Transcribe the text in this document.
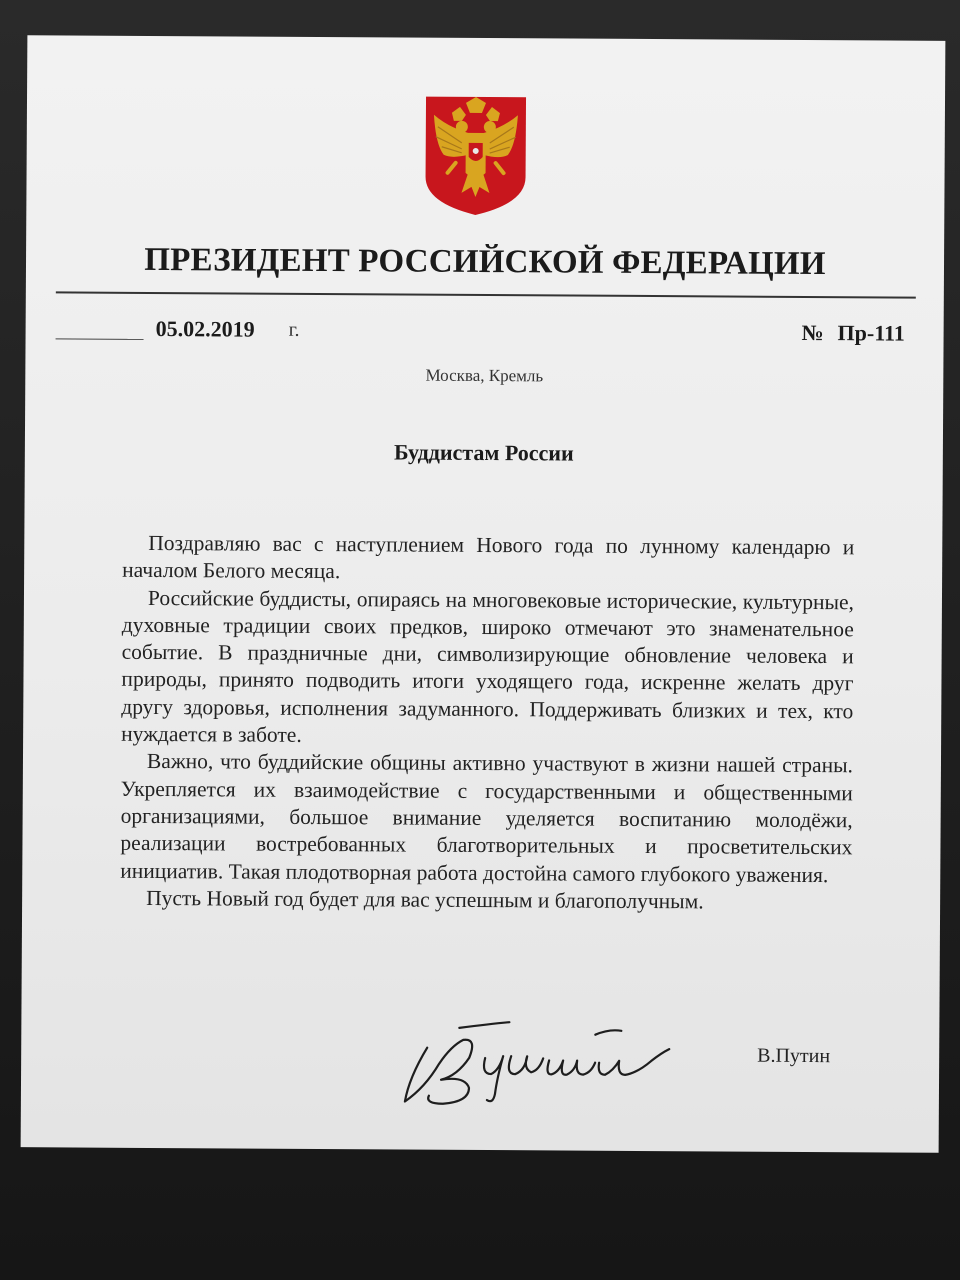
ПРЕЗИДЕНТ РОССИЙСКОЙ ФЕДЕРАЦИИ
05.02.2019 г.	№ Пр-111
Москва, Кремль
Буддистам России

Поздравляю вас с наступлением Нового года по лунному календарю и началом Белого месяца.

Российские буддисты, опираясь на многовековые исторические, культурные, духовные традиции своих предков, широко отмечают это знаменательное событие. В праздничные дни, символизирующие обновление человека и природы, принято подводить итоги уходящего года, искренне желать друг другу здоровья, исполнения задуманного. Поддерживать близких и тех, кто нуждается в заботе.

Важно, что буддийские общины активно участвуют в жизни нашей страны. Укрепляется их взаимодействие с государственными и общественными организациями, большое внимание уделяется воспитанию молодёжи, реализации востребованных благотворительных и просветительских инициатив. Такая плодотворная работа достойна самого глубокого уважения.

Пусть Новый год будет для вас успешным и благополучным.

В.Путин
